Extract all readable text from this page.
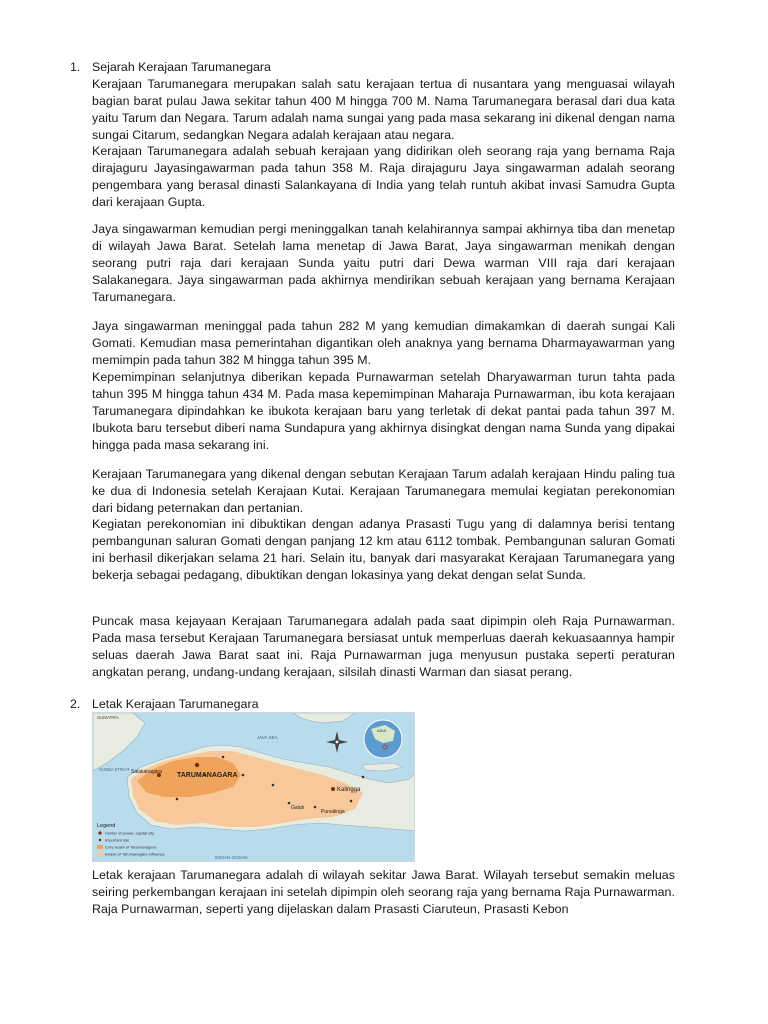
1. Sejarah Kerajaan Tarumanegara

Kerajaan Tarumanegara merupakan salah satu kerajaan tertua di nusantara yang menguasai wilayah bagian barat pulau Jawa sekitar tahun 400 M hingga 700 M. Nama Tarumanegara berasal dari dua kata yaitu Tarum dan Negara. Tarum adalah nama sungai yang pada masa sekarang ini dikenal dengan nama sungai Citarum, sedangkan Negara adalah kerajaan atau negara.

Kerajaan Tarumanegara adalah sebuah kerajaan yang didirikan oleh seorang raja yang bernama Raja dirajaguru Jayasingawarman pada tahun 358 M. Raja dirajaguru Jaya singawarman adalah seorang pengembara yang berasal dinasti Salankayana di India yang telah runtuh akibat invasi Samudra Gupta dari kerajaan Gupta.

Jaya singawarman kemudian pergi meninggalkan tanah kelahirannya sampai akhirnya tiba dan menetap di wilayah Jawa Barat. Setelah lama menetap di Jawa Barat, Jaya singawarman menikah dengan seorang putri raja dari kerajaan Sunda yaitu putri dari Dewa warman VIII raja dari kerajaan Salakanegara. Jaya singawarman pada akhirnya mendirikan sebuah kerajaan yang bernama Kerajaan Tarumanegara.

Jaya singawarman meninggal pada tahun 282 M yang kemudian dimakamkan di daerah sungai Kali Gomati. Kemudian masa pemerintahan digantikan oleh anaknya yang bernama Dharmayawarman yang memimpin pada tahun 382 M hingga tahun 395 M.

Kepemimpinan selanjutnya diberikan kepada Purnawarman setelah Dharyawarman turun tahta pada tahun 395 M hingga tahun 434 M. Pada masa kepemimpinan Maharaja Purnawarman, ibu kota kerajaan Tarumanegara dipindahkan ke ibukota kerajaan baru yang terletak di dekat pantai pada tahun 397 M. Ibukota baru tersebut diberi nama Sundapura yang akhirnya disingkat dengan nama Sunda yang dipakai hingga pada masa sekarang ini.

Kerajaan Tarumanegara yang dikenal dengan sebutan Kerajaan Tarum adalah kerajaan Hindu paling tua ke dua di Indonesia setelah Kerajaan Kutai. Kerajaan Tarumanegara memulai kegiatan perekonomian dari bidang peternakan dan pertanian.

Kegiatan perekonomian ini dibuktikan dengan adanya Prasasti Tugu yang di dalamnya berisi tentang pembangunan saluran Gomati dengan panjang 12 km atau 6112 tombak. Pembangunan saluran Gomati ini berhasil dikerjakan selama 21 hari. Selain itu, banyak dari masyarakat Kerajaan Tarumanegara yang bekerja sebagai pedagang, dibuktikan dengan lokasinya yang dekat dengan selat Sunda.

Puncak masa kejayaan Kerajaan Tarumanegara adalah pada saat dipimpin oleh Raja Purnawarman. Pada masa tersebut Kerajaan Tarumanegara bersiasat untuk memperluas daerah kekuasaannya hampir seluas daerah Jawa Barat saat ini. Raja Purnawarman juga menyusun pustaka seperti peraturan angkatan perang, undang-undang kerajaan, silsilah dinasti Warman dan siasat perang.

2. Letak Kerajaan Tarumanegara
SUMATRA
JAVA SEA
SUNDA STRAIT
INDIAN OCEAN
Salakanagara TARUMANAGARA
Kalingga
Purvalinga
Galuh
ASIA
Legend
Center of power, capital city
Important site
Core realm of Tarumanagara
Extent of Tarumanagara influence

Letak kerajaan Tarumanegara adalah di wilayah sekitar Jawa Barat. Wilayah tersebut semakin meluas seiring perkembangan kerajaan ini setelah dipimpin oleh seorang raja yang bernama Raja Purnawarman. Raja Purnawarman, seperti yang dijelaskan dalam Prasasti Ciaruteun, Prasasti Kebon
